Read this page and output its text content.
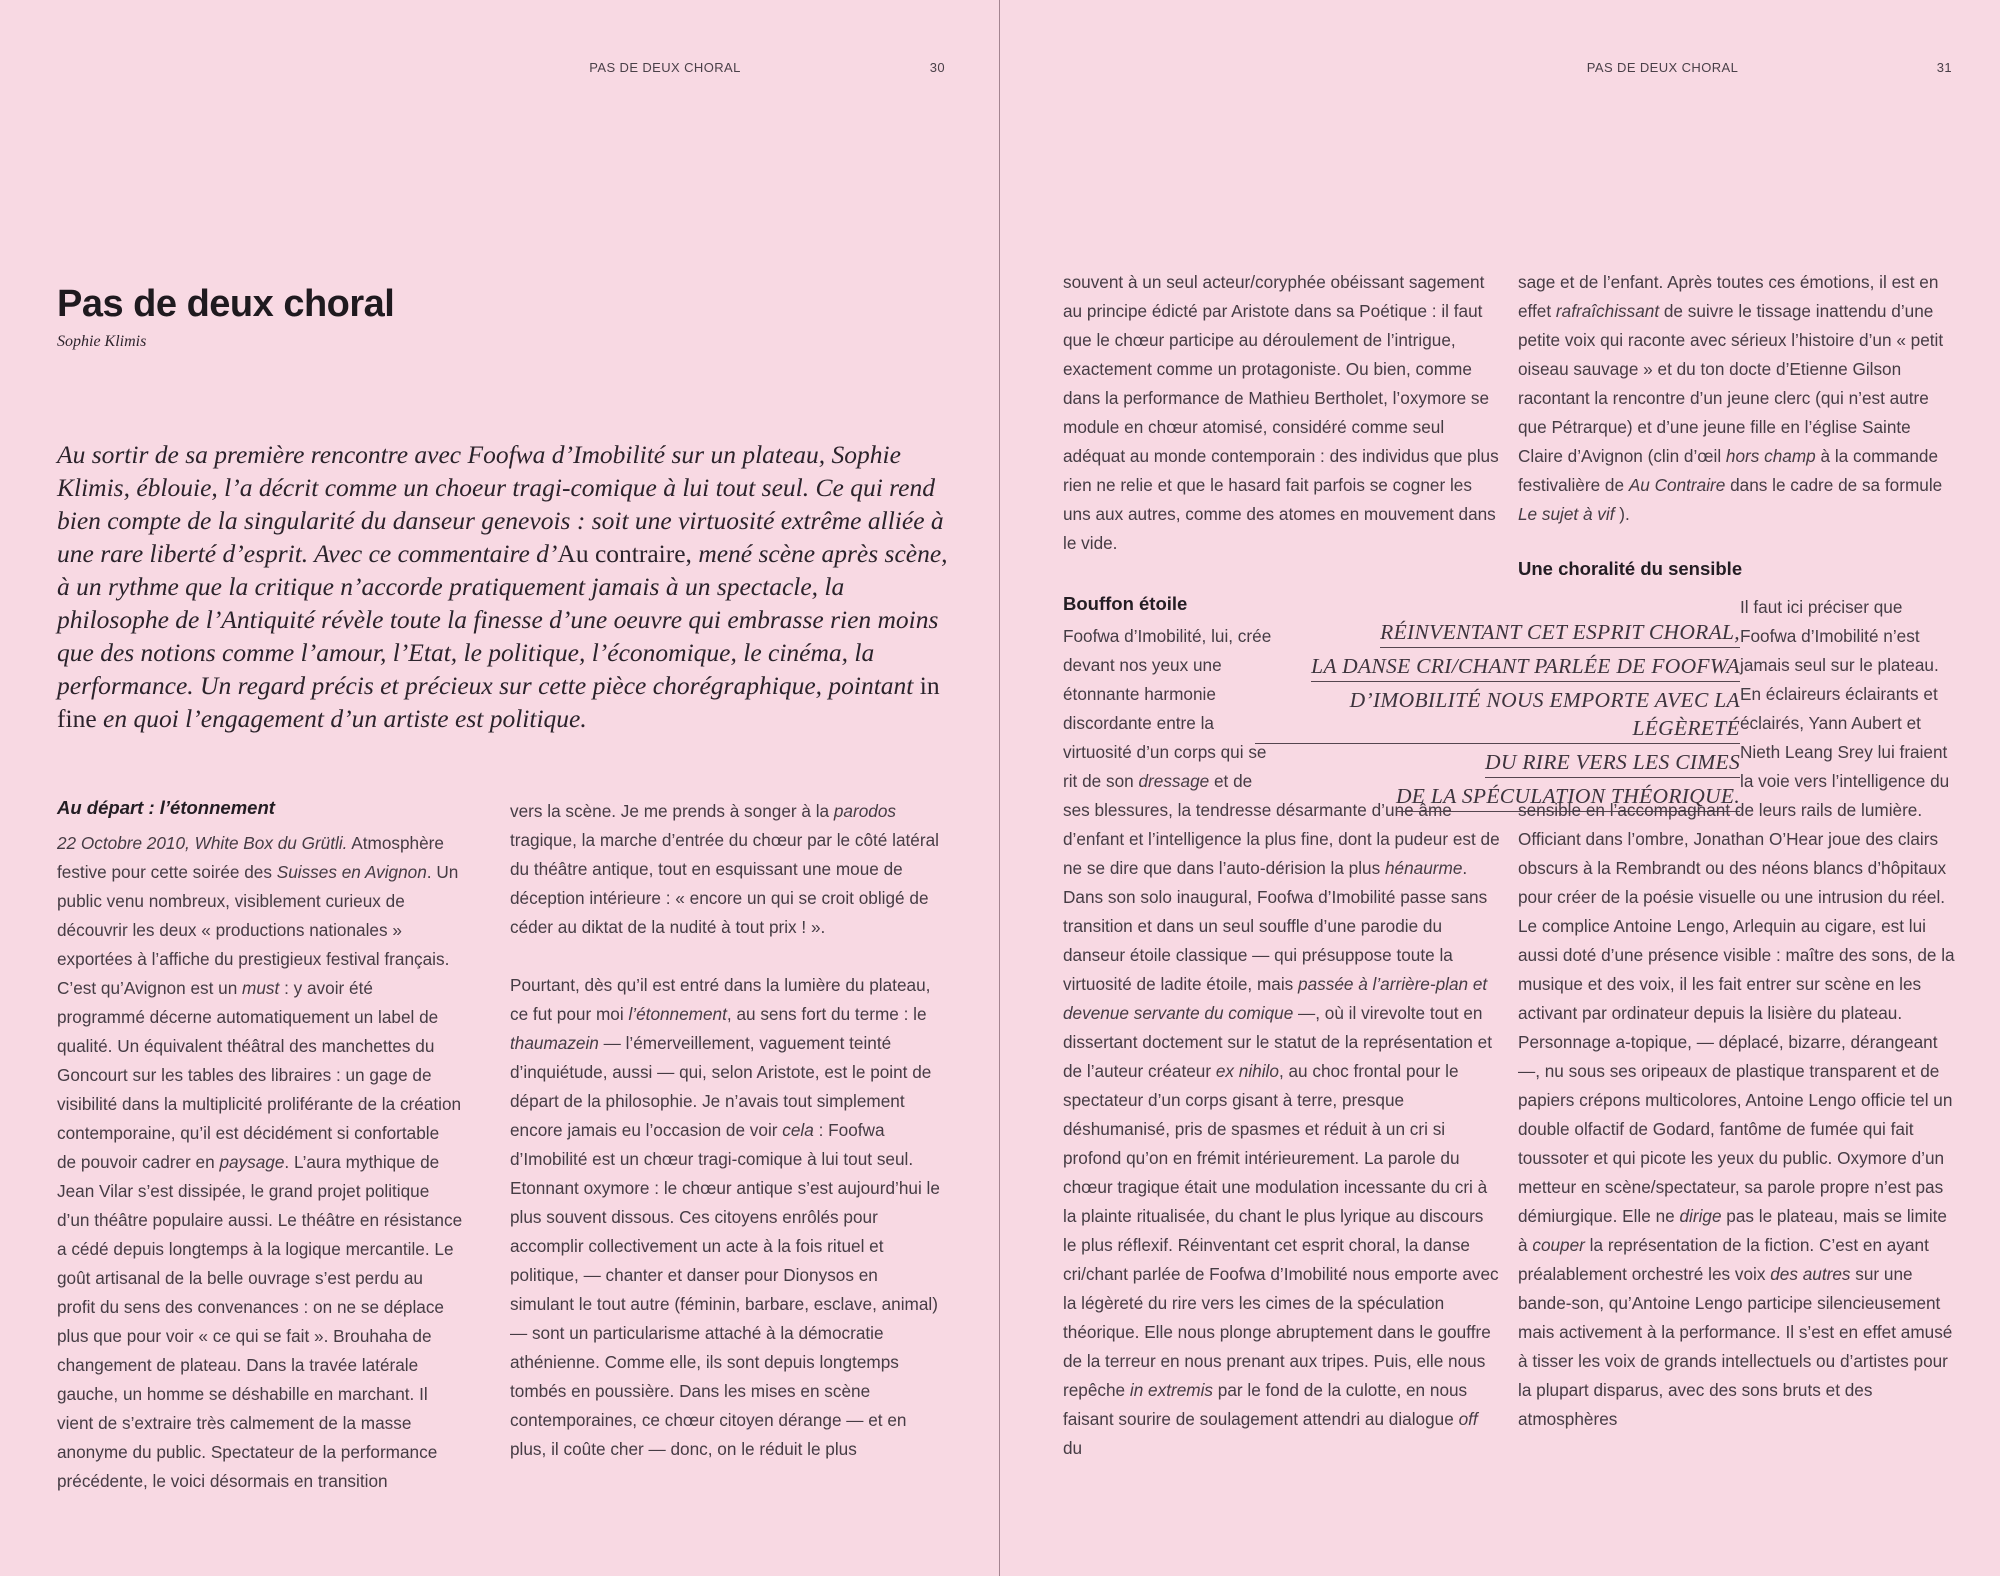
PAS DE DEUX CHORAL	30
Pas de deux choral
Sophie Klimis
Au sortir de sa première rencontre avec Foofwa d’Imobilité sur un plateau, Sophie Klimis, éblouie, l’a décrit comme un choeur tragi-comique à lui tout seul. Ce qui rend bien compte de la singularité du danseur genevois : soit une virtuosité extrême alliée à une rare liberté d’esprit. Avec ce commentaire d’Au contraire, mené scène après scène, à un rythme que la critique n’accorde pratiquement jamais à un spectacle, la philosophe de l’Antiquité révèle toute la finesse d’une oeuvre qui embrasse rien moins que des notions comme l’amour, l’Etat, le politique, l’économique, le cinéma, la performance. Un regard précis et précieux sur cette pièce chorégraphique, pointant in fine en quoi l’engagement d’un artiste est politique.
Au départ : l’étonnement

22 Octobre 2010, White Box du Grütli. Atmosphère festive pour cette soirée des Suisses en Avignon. Un public venu nombreux, visiblement curieux de découvrir les deux « productions nationales » exportées à l’affiche du prestigieux festival français. C’est qu’Avignon est un must : y avoir été programmé décerne automatiquement un label de qualité. Un équivalent théâtral des manchettes du Goncourt sur les tables des libraires : un gage de visibilité dans la multiplicité proliférante de la création contemporaine, qu’il est décidément si confortable de pouvoir cadrer en paysage. L’aura mythique de Jean Vilar s’est dissipée, le grand projet politique d’un théâtre populaire aussi. Le théâtre en résistance a cédé depuis longtemps à la logique mercantile. Le goût artisanal de la belle ouvrage s’est perdu au profit du sens des convenances : on ne se déplace plus que pour voir « ce qui se fait ». Brouhaha de changement de plateau. Dans la travée latérale gauche, un homme se déshabille en marchant. Il vient de s’extraire très calmement de la masse anonyme du public. Spectateur de la performance précédente, le voici désormais en transition

vers la scène. Je me prends à songer à la parodos tragique, la marche d’entrée du chœur par le côté latéral du théâtre antique, tout en esquissant une moue de déception intérieure : « encore un qui se croit obligé de céder au diktat de la nudité à tout prix ! ».

Pourtant, dès qu’il est entré dans la lumière du plateau, ce fut pour moi l’étonnement, au sens fort du terme : le thaumazein — l’émerveillement, vaguement teinté d’inquiétude, aussi — qui, selon Aristote, est le point de départ de la philosophie. Je n’avais tout simplement encore jamais eu l’occasion de voir cela : Foofwa d’Imobilité est un chœur tragi-comique à lui tout seul. Etonnant oxymore : le chœur antique s’est aujourd’hui le plus souvent dissous. Ces citoyens enrôlés pour accomplir collectivement un acte à la fois rituel et politique, — chanter et danser pour Dionysos en simulant le tout autre (féminin, barbare, esclave, animal) — sont un particularisme attaché à la démocratie athénienne. Comme elle, ils sont depuis longtemps tombés en poussière. Dans les mises en scène contemporaines, ce chœur citoyen dérange — et en plus, il coûte cher — donc, on le réduit le plus

PAS DE DEUX CHORAL	31

souvent à un seul acteur/coryphée obéissant sagement au principe édicté par Aristote dans sa Poétique : il faut que le chœur participe au déroulement de l’intrigue, exactement comme un protagoniste. Ou bien, comme dans la performance de Mathieu Bertholet, l’oxymore se module en chœur atomisé, considéré comme seul adéquat au monde contemporain : des individus que plus rien ne relie et que le hasard fait parfois se cogner les uns aux autres, comme des atomes en mouvement dans le vide.

Bouffon étoile

Foofwa d’Imobilité, lui, crée devant nos yeux une étonnante harmonie discordante entre la virtuosité d’un corps qui se rit de son dressage et de ses blessures, la tendresse désarmante d’une âme d’enfant et l’intelligence la plus fine, dont la pudeur est de ne se dire que dans l’auto-dérision la plus hénaurme. Dans son solo inaugural, Foofwa d’Imobilité passe sans transition et dans un seul souffle d’une parodie du danseur étoile classique — qui présuppose toute la virtuosité de ladite étoile, mais passée à l’arrière-plan et devenue servante du comique —, où il virevolte tout en dissertant doctement sur le statut de la représentation et de l’auteur créateur ex nihilo, au choc frontal pour le spectateur d’un corps gisant à terre, presque déshumanisé, pris de spasmes et réduit à un cri si profond qu’on en frémit intérieurement. La parole du chœur tragique était une modulation incessante du cri à la plainte ritualisée, du chant le plus lyrique au discours le plus réflexif. Réinventant cet esprit choral, la danse cri/chant parlée de Foofwa d’Imobilité nous emporte avec la légèreté du rire vers les cimes de la spéculation théorique. Elle nous plonge abruptement dans le gouffre de la terreur en nous prenant aux tripes. Puis, elle nous repêche in extremis par le fond de la culotte, en nous faisant sourire de soulagement attendri au dialogue off du

RÉINVENTANT CET ESPRIT CHORAL,
LA DANSE CRI/CHANT PARLÉE DE FOOFWA
D’IMOBILITÉ NOUS EMPORTE AVEC LA LÉGÈRETÉ
DU RIRE VERS LES CIMES
DE LA SPÉCULATION THÉORIQUE.

sage et de l’enfant. Après toutes ces émotions, il est en effet rafraîchissant de suivre le tissage inattendu d’une petite voix qui raconte avec sérieux l’histoire d’un « petit oiseau sauvage » et du ton docte d’Etienne Gilson racontant la rencontre d’un jeune clerc (qui n’est autre que Pétrarque) et d’une jeune fille en l’église Sainte Claire d’Avignon (clin d’œil hors champ à la commande festivalière de Au Contraire dans le cadre de sa formule Le sujet à vif ).

Une choralité du sensible

Il faut ici préciser que Foofwa d’Imobilité n’est jamais seul sur le plateau. En éclaireurs éclairants et éclairés, Yann Aubert et Nieth Leang Srey lui fraient la voie vers l’intelligence du sensible en l’accompagnant de leurs rails de lumière. Officiant dans l’ombre, Jonathan O’Hear joue des clairs obscurs à la Rembrandt ou des néons blancs d’hôpitaux pour créer de la poésie visuelle ou une intrusion du réel. Le complice Antoine Lengo, Arlequin au cigare, est lui aussi doté d’une présence visible : maître des sons, de la musique et des voix, il les fait entrer sur scène en les activant par ordinateur depuis la lisière du plateau. Personnage a-topique, — déplacé, bizarre, dérangeant —, nu sous ses oripeaux de plastique transparent et de papiers crépons multicolores, Antoine Lengo officie tel un double olfactif de Godard, fantôme de fumée qui fait toussoter et qui picote les yeux du public. Oxymore d’un metteur en scène/spectateur, sa parole propre n’est pas démiurgique. Elle ne dirige pas le plateau, mais se limite à couper la représentation de la fiction. C’est en ayant préalablement orchestré les voix des autres sur une bande-son, qu’Antoine Lengo participe silencieusement mais activement à la performance. Il s’est en effet amusé à tisser les voix de grands intellectuels ou d’artistes pour la plupart disparus, avec des sons bruts et des atmosphères
